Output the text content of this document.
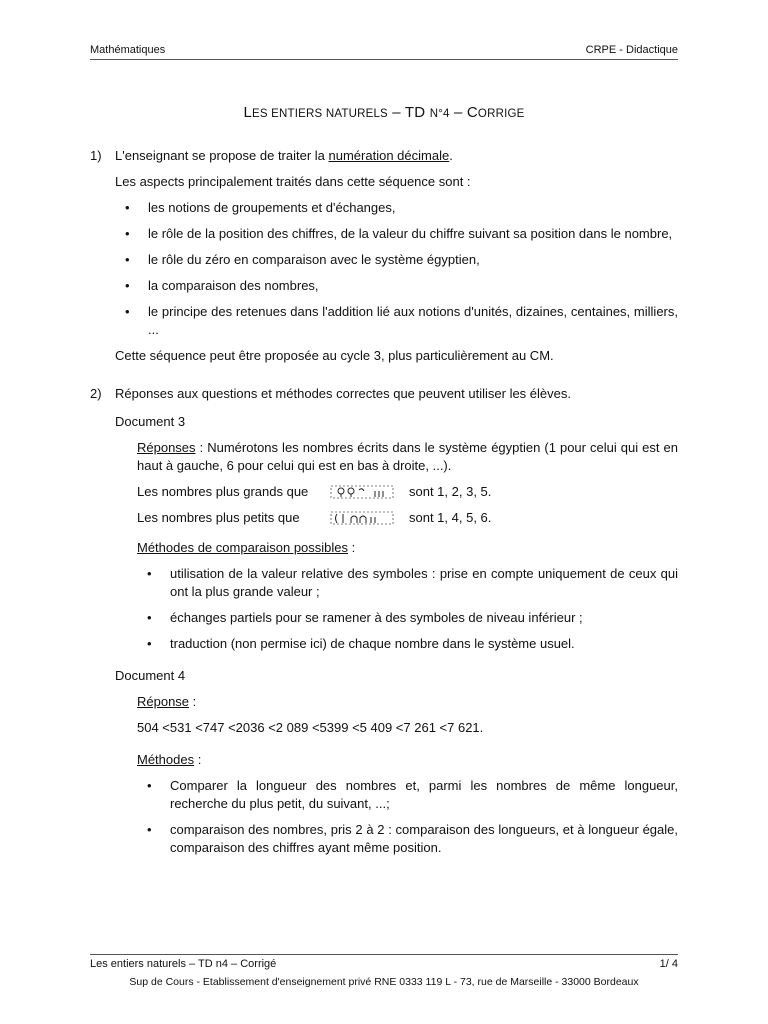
Mathématiques	CRPE - Didactique
LES ENTIERS NATURELS – TD N°4 – CORRIGE
1) L'enseignant se propose de traiter la numération décimale.

Les aspects principalement traités dans cette séquence sont :

• les notions de groupements et d'échanges,
• le rôle de la position des chiffres, de la valeur du chiffre suivant sa position dans le nombre,
• le rôle du zéro en comparaison avec le système égyptien,
• la comparaison des nombres,
• le principe des retenues dans l'addition lié aux notions d'unités, dizaines, centaines, milliers, ...

Cette séquence peut être proposée au cycle 3, plus particulièrement au CM.

2) Réponses aux questions et méthodes correctes que peuvent utiliser les élèves.

Document 3

Réponses : Numérotons les nombres écrits dans le système égyptien (1 pour celui qui est en haut à gauche, 6 pour celui qui est en bas à droite, ...).

Les nombres plus grands que	sont 1, 2, 3, 5.
Les nombres plus petits que	sont 1, 4, 5, 6.

Méthodes de comparaison possibles :

• utilisation de la valeur relative des symboles : prise en compte uniquement de ceux qui ont la plus grande valeur ;
• échanges partiels pour se ramener à des symboles de niveau inférieur ;
• traduction (non permise ici) de chaque nombre dans le système usuel.

Document 4

Réponse :

504 <531 <747 <2036 <2 089 <5399 <5 409 <7 261 <7 621.

Méthodes :

• Comparer la longueur des nombres et, parmi les nombres de même longueur, recherche du plus petit, du suivant, ...;
• comparaison des nombres, pris 2 à 2 : comparaison des longueurs, et à longueur égale, comparaison des chiffres ayant même position.
Les entiers naturels – TD n4 – Corrigé	1/ 4
Sup de Cours - Etablissement d'enseignement privé RNE 0333 119 L - 73, rue de Marseille - 33000 Bordeaux
